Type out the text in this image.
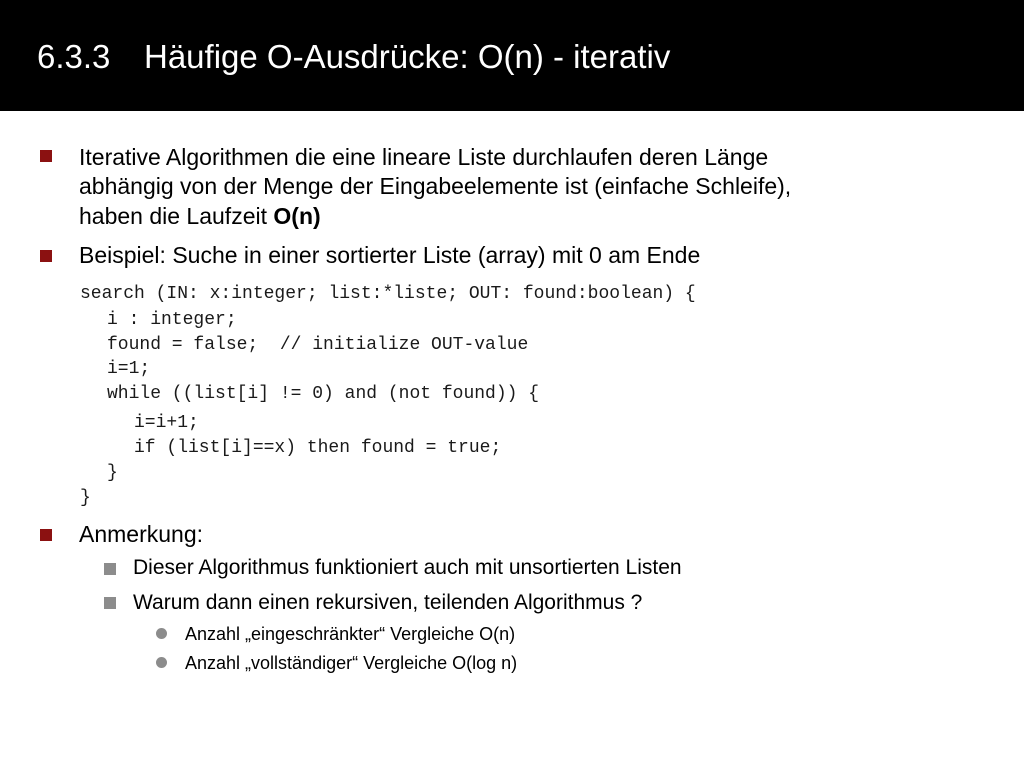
6.3.3 Häufige O-Ausdrücke: O(n) - iterativ
Iterative Algorithmen die eine lineare Liste durchlaufen deren Länge
abhängig von der Menge der Eingabeelemente ist (einfache Schleife),
haben die Laufzeit O(n)
Beispiel: Suche in einer sortierter Liste (array) mit 0 am Ende
search (IN: x:integer; list:*liste; OUT: found:boolean) {
i : integer;
found = false;  // initialize OUT-value
i=1;
while ((list[i] != 0) and (not found)) {
i=i+1;
if (list[i]==x) then found = true;
}
}
Anmerkung:
Dieser Algorithmus funktioniert auch mit unsortierten Listen
Warum dann einen rekursiven, teilenden Algorithmus ?
Anzahl „eingeschränkter“ Vergleiche O(n)
Anzahl „vollständiger“ Vergleiche O(log n)
